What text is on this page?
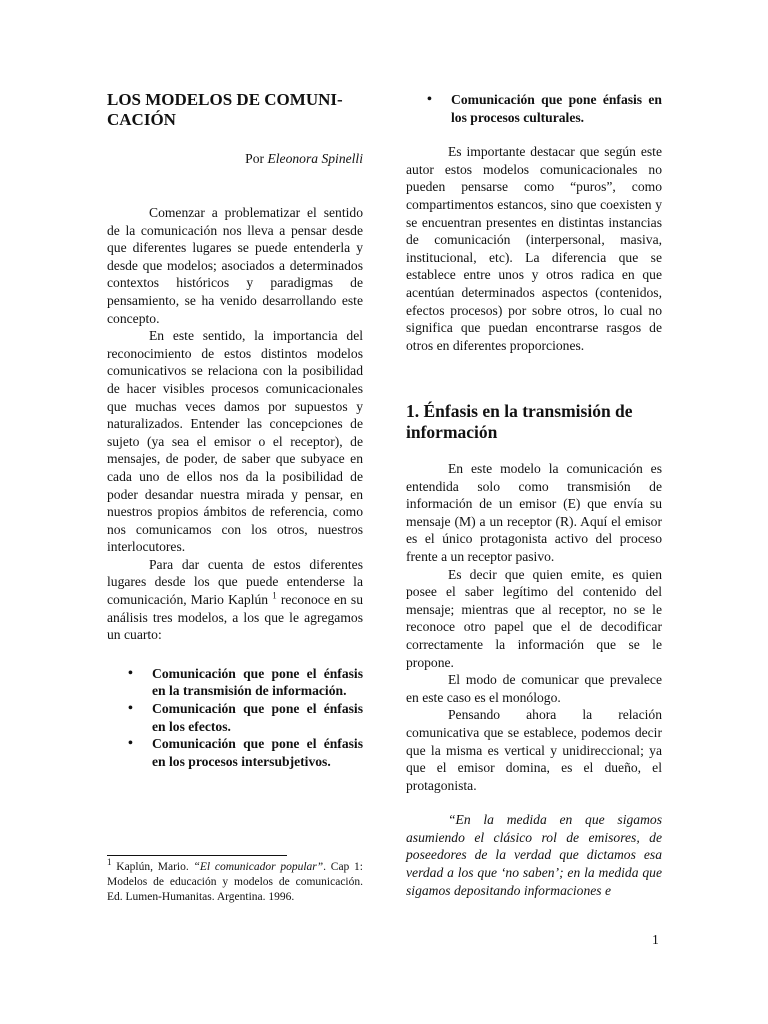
LOS MODELOS DE COMUNI-CACIÓN
Por Eleonora Spinelli

Comenzar a problematizar el sentido de la comunicación nos lleva a pensar desde que diferentes lugares se puede entenderla y desde que modelos; asociados a determinados contextos históricos y paradigmas de pensamiento, se ha venido desarrollando este concepto.

En este sentido, la importancia del reconocimiento de estos distintos modelos comunicativos se relaciona con la posibilidad de hacer visibles procesos comunicacionales que muchas veces damos por supuestos y naturalizados. Entender las concepciones de sujeto (ya sea el emisor o el receptor), de mensajes, de poder, de saber que subyace en cada uno de ellos nos da la posibilidad de poder desandar nuestra mirada y pensar, en nuestros propios ámbitos de referencia, como nos comunicamos con los otros, nuestros interlocutores.

Para dar cuenta de estos diferentes lugares desde los que puede entenderse la comunicación, Mario Kaplún $^1$ reconoce en su análisis tres modelos, a los que le agregamos un cuarto:

• Comunicación que pone el énfasis en la transmisión de información.
• Comunicación que pone el énfasis en los efectos.
• Comunicación que pone el énfasis en los procesos intersubjetivos.
$^1$ Kaplún, Mario. “El comunicador popular”. Cap 1: Modelos de educación y modelos de comunicación. Ed. Lumen-Humanitas. Argentina. 1996.
• Comunicación que pone énfasis en los procesos culturales.

Es importante destacar que según este autor estos modelos comunicacionales no pueden pensarse como “puros”, como compartimentos estancos, sino que coexisten y se encuentran presentes en distintas instancias de comunicación (interpersonal, masiva, institucional, etc). La diferencia que se establece entre unos y otros radica en que acentúan determinados aspectos (contenidos, efectos procesos) por sobre otros, lo cual no significa que puedan encontrarse rasgos de otros en diferentes proporciones.

1. Énfasis en la transmisión de información

En este modelo la comunicación es entendida solo como transmisión de información de un emisor (E) que envía su mensaje (M) a un receptor (R). Aquí el emisor es el único protagonista activo del proceso frente a un receptor pasivo.

Es decir que quien emite, es quien posee el saber legítimo del contenido del mensaje; mientras que al receptor, no se le reconoce otro papel que el de decodificar correctamente la información que se le propone.

El modo de comunicar que prevalece en este caso es el monólogo.

Pensando ahora la relación comunicativa que se establece, podemos decir que la misma es vertical y unidireccional; ya que el emisor domina, es el dueño, el protagonista.

“En la medida en que sigamos asumiendo el clásico rol de emisores, de poseedores de la verdad que dictamos esa verdad a los que ‘no saben’; en la medida que sigamos depositando informaciones e

1
